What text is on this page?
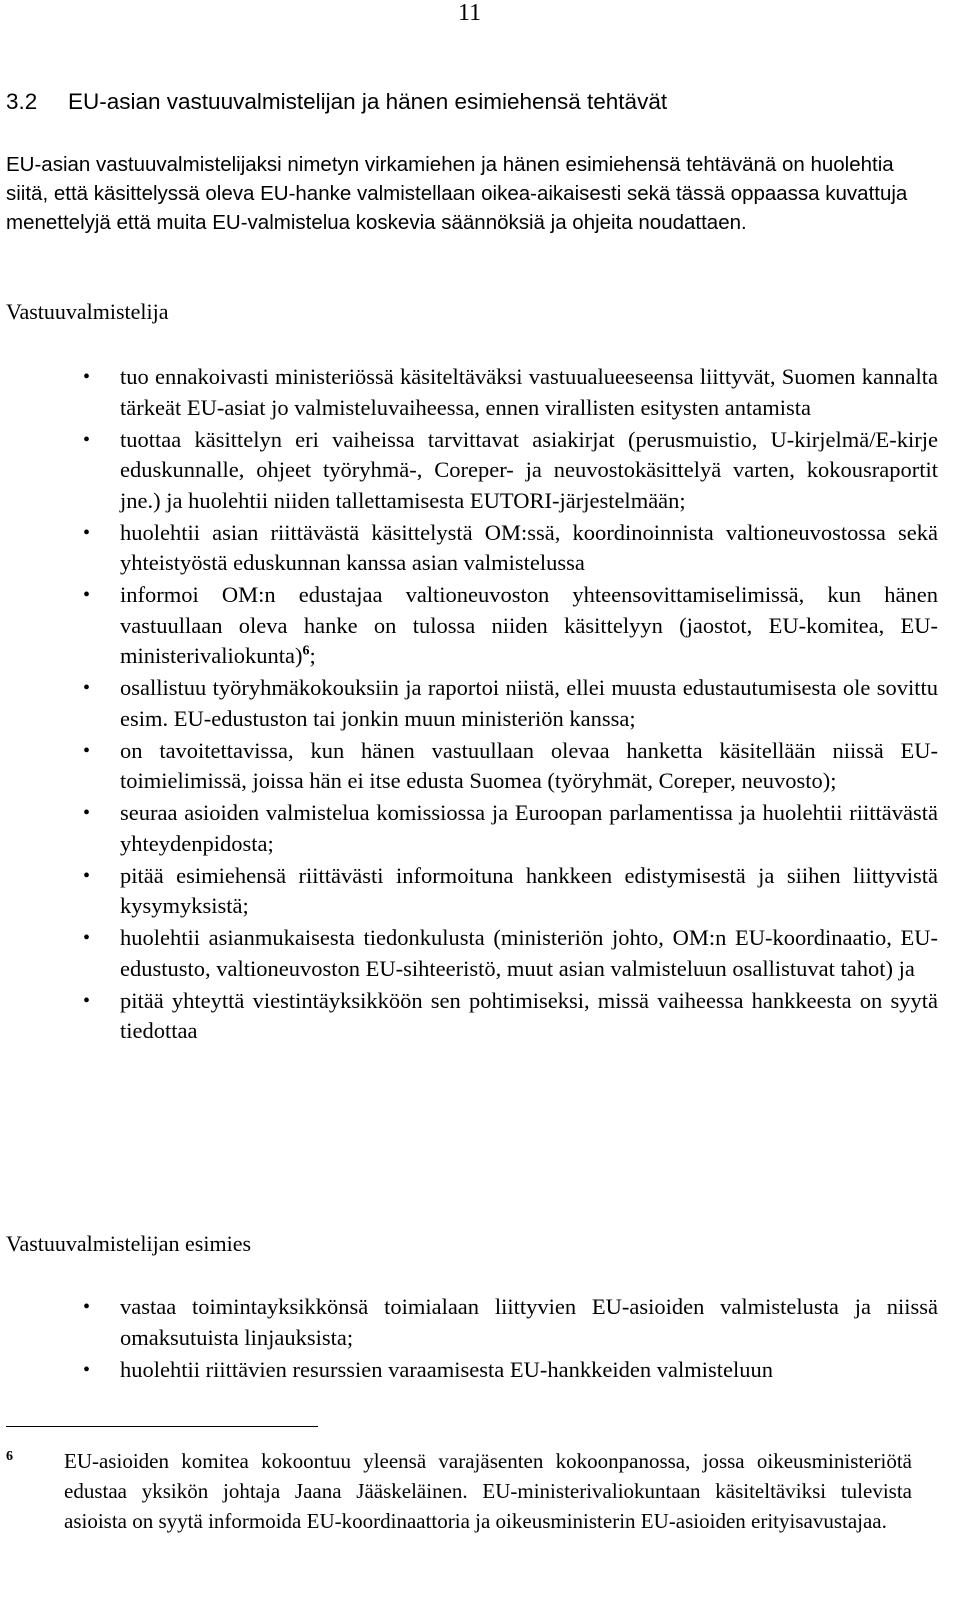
11
3.2 EU-asian vastuuvalmistelijan ja hänen esimiehensä tehtävät

EU-asian vastuuvalmistelijaksi nimetyn virkamiehen ja hänen esimiehensä tehtävänä on huolehtia siitä, että käsittelyssä oleva EU-hanke valmistellaan oikea-aikaisesti sekä tässä oppaassa kuvattuja menettelyjä että muita EU-valmistelua koskevia säännöksiä ja ohjeita noudattaen.

Vastuuvalmistelija
• tuo ennakoivasti ministeriössä käsiteltäväksi vastuualueeseensa liittyvät, Suomen kannalta tärkeät EU-asiat jo valmisteluvaiheessa, ennen virallisten esitysten antamista
• tuottaa käsittelyn eri vaiheissa tarvittavat asiakirjat (perusmuistio, U-kirjelmä/E-kirje eduskunnalle, ohjeet työryhmä-, Coreper- ja neuvostokäsittelyä varten, kokousraportit jne.) ja huolehtii niiden tallettamisesta EUTORI-järjestelmään;
• huolehtii asian riittävästä käsittelystä OM:ssä, koordinoinnista valtioneuvostossa sekä yhteistyöstä eduskunnan kanssa asian valmistelussa
• informoi OM:n edustajaa valtioneuvoston yhteensovittamiselimissä, kun hänen vastuullaan oleva hanke on tulossa niiden käsittelyyn (jaostot, EU-komitea, EU-ministerivaliokunta)$^6$;
• osallistuu työryhmäkokouksiin ja raportoi niistä, ellei muusta edustautumisesta ole sovittu esim. EU-edustuston tai jonkin muun ministeriön kanssa;
• on tavoitettavissa, kun hänen vastuullaan olevaa hanketta käsitellään niissä EU-toimielimissä, joissa hän ei itse edusta Suomea (työryhmät, Coreper, neuvosto);
• seuraa asioiden valmistelua komissiossa ja Euroopan parlamentissa ja huolehtii riittävästä yhteydenpidosta;
• pitää esimiehensä riittävästi informoituna hankkeen edistymisestä ja siihen liittyvistä kysymyksistä;
• huolehtii asianmukaisesta tiedonkulusta (ministeriön johto, OM:n EU-koordinaatio, EU-edustusto, valtioneuvoston EU-sihteeristö, muut asian valmisteluun osallistuvat tahot) ja
• pitää yhteyttä viestintäyksikköön sen pohtimiseksi, missä vaiheessa hankkeesta on syytä tiedottaa
Vastuuvalmistelijan esimies
• vastaa toimintayksikkönsä toimialaan liittyvien EU-asioiden valmistelusta ja niissä omaksutuista linjauksista;
• huolehtii riittävien resurssien varaamisesta EU-hankkeiden valmisteluun
6 EU-asioiden komitea kokoontuu yleensä varajäsenten kokoonpanossa, jossa oikeusministeriötä edustaa yksikön johtaja Jaana Jääskeläinen. EU-ministerivaliokuntaan käsiteltäviksi tulevista asioista on syytä informoida EU-koordinaattoria ja oikeusministerin EU-asioiden erityisavustajaa.
